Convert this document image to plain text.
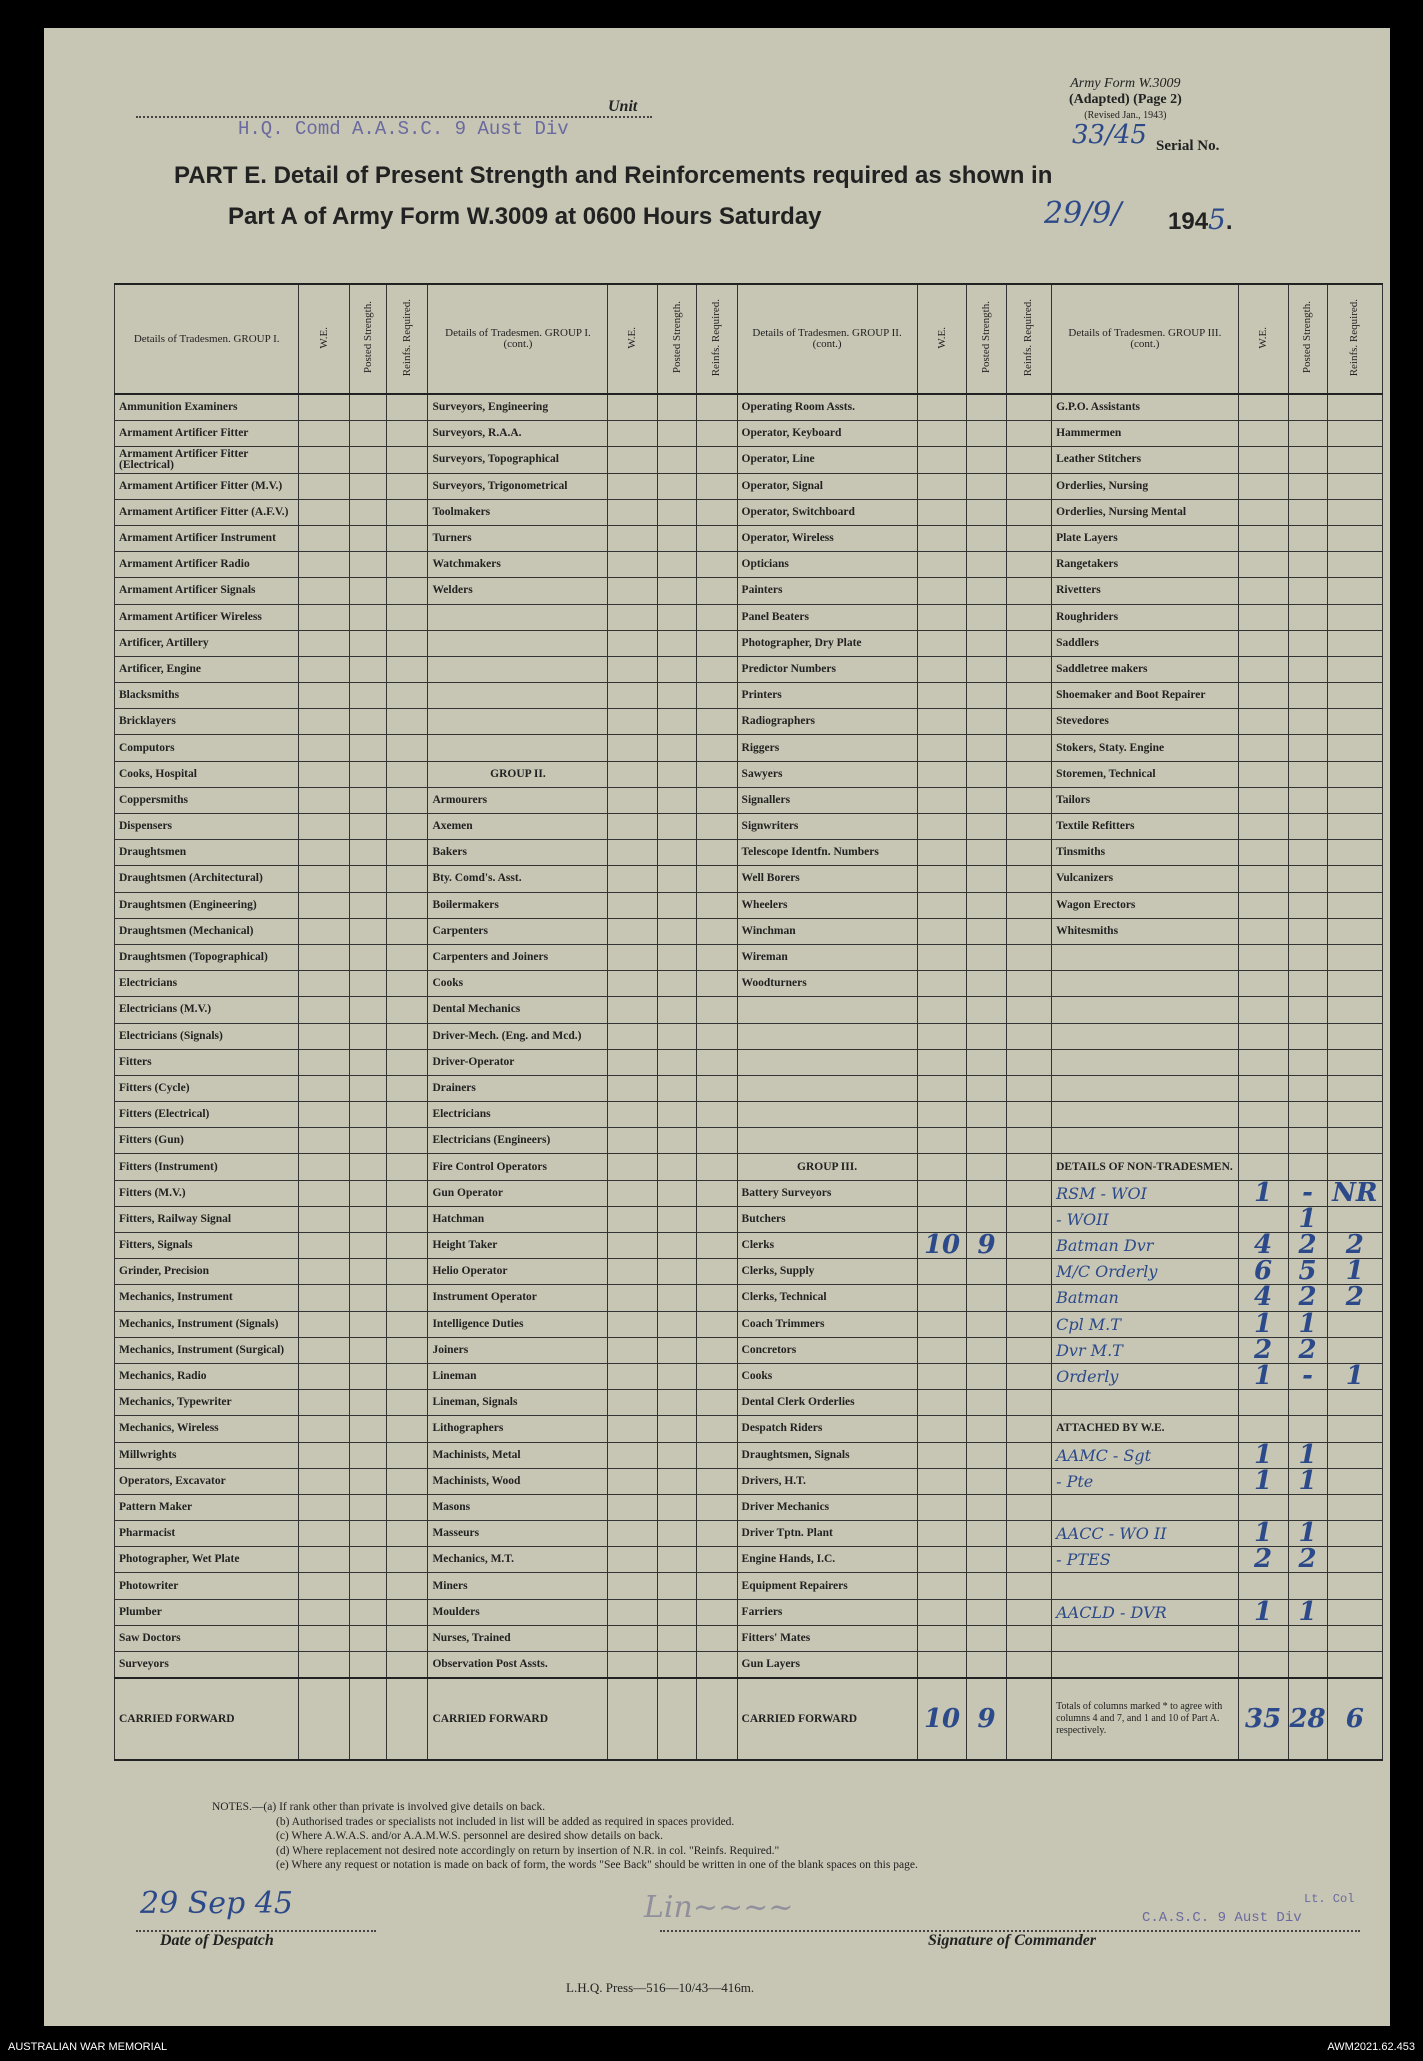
Army Form W.3009
(Adapted) (Page 2)
(Revised Jan., 1943)
33/45 Serial No.
Unit
H.Q. Comd A.A.S.C. 9 Aust Div
PART E. Detail of Present Strength and Reinforcements required as shown in
Part A of Army Form W.3009 at 0600 Hours Saturday	29/9/ 1945.
Details of Tradesmen. GROUP I.	W.E.	Posted Strength.	Reinfs. Required.	Details of Tradesmen. GROUP I. (cont.)	W.E.	Posted Strength.	Reinfs. Required.	Details of Tradesmen. GROUP II. (cont.)	W.E.	Posted Strength.	Reinfs. Required.	Details of Tradesmen. GROUP III. (cont.)	W.E.	Posted Strength.	Reinfs. Required.
Ammunition Examiners				Surveyors, Engineering				Operating Room Assts.				G.P.O. Assistants			
Armament Artificer Fitter				Surveyors, R.A.A.				Operator, Keyboard				Hammermen			
Armament Artificer Fitter (Electrical)				Surveyors, Topographical				Operator, Line				Leather Stitchers			
Armament Artificer Fitter (M.V.)				Surveyors, Trigonometrical				Operator, Signal				Orderlies, Nursing			
Armament Artificer Fitter (A.F.V.)				Toolmakers				Operator, Switchboard				Orderlies, Nursing Mental			
Armament Artificer Instrument				Turners				Operator, Wireless				Plate Layers			
Armament Artificer Radio				Watchmakers				Opticians				Rangetakers			
Armament Artificer Signals				Welders				Painters				Rivetters			
Armament Artificer Wireless								Panel Beaters				Roughriders			
Artificer, Artillery								Photographer, Dry Plate				Saddlers			
Artificer, Engine								Predictor Numbers				Saddletree makers			
Blacksmiths								Printers				Shoemaker and Boot Repairer			
Bricklayers								Radiographers				Stevedores			
Computors								Riggers				Stokers, Staty. Engine			
Cooks, Hospital				GROUP II.				Sawyers				Storemen, Technical			
Coppersmiths				Armourers				Signallers				Tailors			
Dispensers				Axemen				Signwriters				Textile Refitters			
Draughtsmen				Bakers				Telescope Identfn. Numbers				Tinsmiths			
Draughtsmen (Architectural)				Bty. Comd's. Asst.				Well Borers				Vulcanizers			
Draughtsmen (Engineering)				Boilermakers				Wheelers				Wagon Erectors			
Draughtsmen (Mechanical)				Carpenters				Winchman				Whitesmiths			
Draughtsmen (Topographical)				Carpenters and Joiners				Wireman							
Electricians				Cooks				Woodturners							
Electricians (M.V.)				Dental Mechanics											
Electricians (Signals)				Driver-Mech. (Eng. and Mcd.)											
Fitters				Driver-Operator											
Fitters (Cycle)				Drainers											
Fitters (Electrical)				Electricians											
Fitters (Gun)				Electricians (Engineers)											
Fitters (Instrument)				Fire Control Operators				GROUP III.				DETAILS OF NON-TRADESMEN.			
Fitters (M.V.)				Gun Operator				Battery Surveyors				RSM - WOI	1	-	NR
Fitters, Railway Signal				Hatchman				Butchers				- WOII		1	
Fitters, Signals				Height Taker				Clerks	10	9		Batman Dvr	4	2	2
Grinder, Precision				Helio Operator				Clerks, Supply				M/C Orderly	6	5	1
Mechanics, Instrument				Instrument Operator				Clerks, Technical				Batman	4	2	2
Mechanics, Instrument (Signals)				Intelligence Duties				Coach Trimmers				Cpl M.T	1	1	
Mechanics, Instrument (Surgical)				Joiners				Concretors				Dvr M.T	2	2	
Mechanics, Radio				Lineman				Cooks				Orderly	1	-	1
Mechanics, Typewriter				Lineman, Signals				Dental Clerk Orderlies							
Mechanics, Wireless				Lithographers				Despatch Riders				ATTACHED BY W.E.			
Millwrights				Machinists, Metal				Draughtsmen, Signals				AAMC - Sgt	1	1	
Operators, Excavator				Machinists, Wood				Drivers, H.T.				- Pte	1	1	
Pattern Maker				Masons				Driver Mechanics							
Pharmacist				Masseurs				Driver Tptn. Plant				AACC - WO II	1	1	
Photographer, Wet Plate				Mechanics, M.T.				Engine Hands, I.C.				- PTES	2	2	
Photowriter				Miners				Equipment Repairers							
Plumber				Moulders				Farriers				AACLD - DVR	1	1	
Saw Doctors				Nurses, Trained				Fitters' Mates							
Surveyors				Observation Post Assts.				Gun Layers							
CARRIED FORWARD				CARRIED FORWARD				CARRIED FORWARD	10	9		Totals of columns marked * to agree with columns 4 and 7, and 1 and 10 of Part A. respectively.	35	28	6
NOTES.—(a) If rank other than private is involved give details on back.
(b) Authorised trades or specialists not included in list will be added as required in spaces provided.
(c) Where A.W.A.S. and/or A.A.M.W.S. personnel are desired show details on back.
(d) Where replacement not desired note accordingly on return by insertion of N.R. in col. "Reinfs. Required."
(e) Where any request or notation is made on back of form, the words "See Back" should be written in one of the blank spaces on this page.
29 Sep 45
Date of Despatch
Lin~~~~	C.A.S.C. 9 Aust Div
Lt. Col
Signature of Commander
L.H.Q. Press—516—10/43—416m.
AUSTRALIAN WAR MEMORIAL	AWM2021.62.453
